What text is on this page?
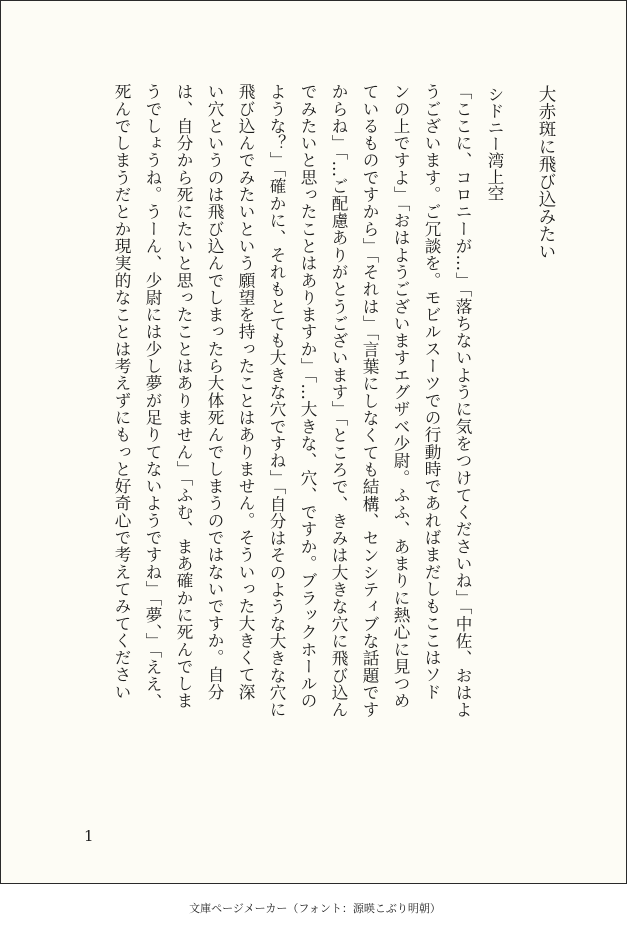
大赤斑に飛び込みたい
シドニー湾上空
「ここに、コロニーが…」「落ちないように気をつけてくださいね」「中佐、おはよ
うございます。ご冗談を。モビルスーツでの行動時であればまだしもここはソド
ンの上ですよ」「おはようございますエグザベ少尉。ふふ、あまりに熱心に見つめ
ているものですから」「それは」「言葉にしなくても結構、センシティブな話題です
からね」「…ご配慮ありがとうございます」「ところで、きみは大きな穴に飛び込ん
でみたいと思ったことはありますか」「…大きな、穴、ですか。ブラックホールの
ような？」「確かに、それもとても大きな穴ですね」「自分はそのような大きな穴に
飛び込んでみたいという願望を持ったことはありません。そういった大きくて深
い穴というのは飛び込んでしまったら大体死んでしまうのではないですか。自分
は、自分から死にたいと思ったことはありません」「ふむ、まあ確かに死んでしま
うでしょうね。うーん、少尉には少し夢が足りてないようですね」「夢、」「ええ、
死んでしまうだとか現実的なことは考えずにもっと好奇心で考えてみてください
1
文庫ページメーカー（フォント：源暎こぶり明朝）
